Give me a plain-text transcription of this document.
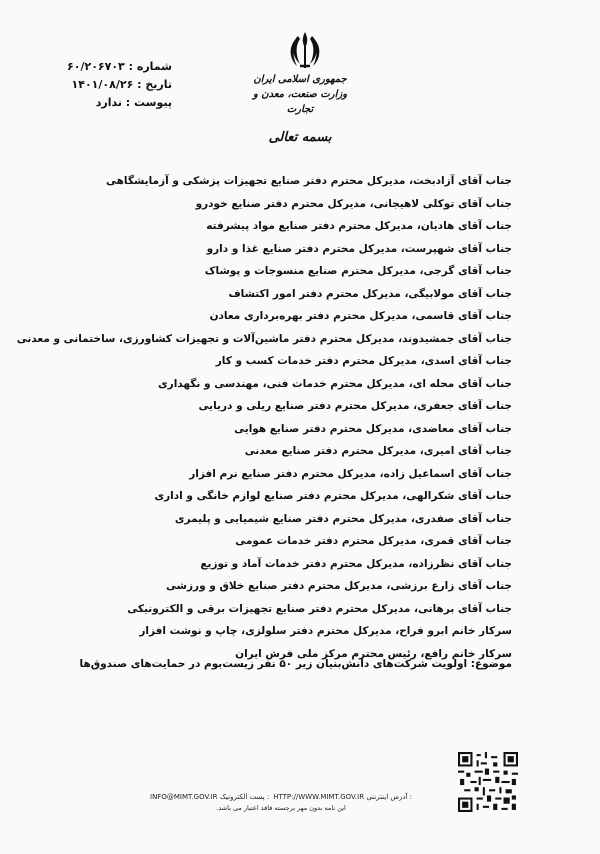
شماره : ۶۰/۲۰۶۷۰۳
تاریخ : ۱۴۰۱/۰۸/۲۶
پیوست : ندارد
جمهوری اسلامی ایران
وزارت صنعت، معدن و تجارت
بسمه تعالی
جناب آقای آزادبخت، مدیرکل محترم دفتر صنایع تجهیزات پزشکی و آزمایشگاهی
جناب آقای توکلی لاهیجانی، مدیرکل محترم دفتر صنایع خودرو
جناب آقای هادیان، مدیرکل محترم دفتر صنایع مواد پیشرفته
جناب آقای شهپرست، مدیرکل محترم دفتر صنایع غذا و دارو
جناب آقای گرجی، مدیرکل محترم صنایع منسوجات و پوشاک
جناب آقای مولابیگی، مدیرکل محترم دفتر امور اکتشاف
جناب آقای قاسمی، مدیرکل محترم دفتر بهره‌برداری معادن
جناب آقای جمشیدوند، مدیرکل محترم دفتر ماشین‌آلات و تجهیزات کشاورزی، ساختمانی و معدنی
جناب آقای اسدی، مدیرکل محترم دفتر خدمات کسب و کار
جناب آقای محله ای، مدیرکل محترم خدمات فنی، مهندسی و نگهداری
جناب آقای جعفری، مدیرکل محترم دفتر صنایع ریلی و دریایی
جناب آقای معاضدی، مدیرکل محترم دفتر صنایع هوایی
جناب آقای امیری، مدیرکل محترم دفتر صنایع معدنی
جناب آقای اسماعیل زاده، مدیرکل محترم دفتر صنایع نرم افزار
جناب آقای شکرالهی، مدیرکل محترم دفتر صنایع لوازم خانگی و اداری
جناب آقای صفدری، مدیرکل محترم دفتر صنایع شیمیایی و پلیمری
جناب آقای قمری، مدیرکل محترم دفتر خدمات عمومی
جناب آقای نظرزاده، مدیرکل محترم دفتر خدمات آماد و توزیع
جناب آقای زارع برزشی، مدیرکل محترم دفتر صنایع خلاق و ورزشی
جناب آقای برهانی، مدیرکل محترم دفتر صنایع تجهیزات برقی و الکترونیکی
سرکار خانم ابرو فراح، مدیرکل محترم دفتر سلولزی، چاپ و نوشت افزار
سرکار خانم رافع، رئیس محترم مرکز ملی فرش ایران
موضوع: اولویت شرکت‌های دانش‌بنیان زیر ۵۰ نفر زیست‌بوم در حمایت‌های صندوق‌ها
INFO@MIMT.GOV.IR پست الکترونیک : HTTP://WWW.MIMT.GOV.IR آدرس اینترنتی :
این نامه بدون مهر برجسته فاقد اعتبار می باشد.
